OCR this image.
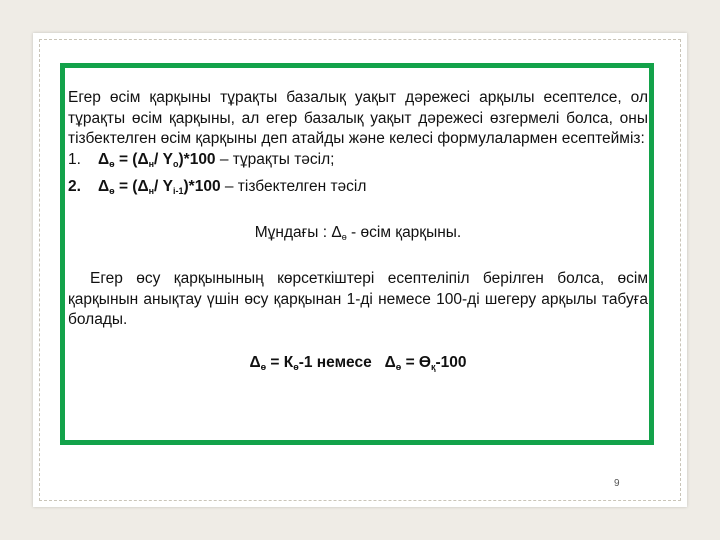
Егер өсім қарқыны тұрақты базалық уақыт дәрежесі арқылы есептелсе, ол тұрақты өсім қарқыны, ал егер базалық уақыт дәрежесі өзгермелі болса, оны тізбектелген өсім қарқыны деп атайды және келесі формулалармен есептейміз:
1. $\Delta_ө = (\Delta_н/$ $Y_о)*100$ – тұрақты тәсіл;
2. $\Delta_ө = (\Delta_н/$ $Y_{i-1})*100$ – тізбектелген тәсіл
Мұндағы : $\Delta_ө$ - өсім қарқыны.
Егер өсу қарқынының көрсеткіштері есептеліпіл берілген болса, өсім қарқынын анықтау үшін өсу қарқынан 1-ді немесе 100-ді шегеру арқылы табуға болады.
$\Delta_ө = К_ө-1$ немесе   $\Delta_ө = Ө_қ-100$
9
